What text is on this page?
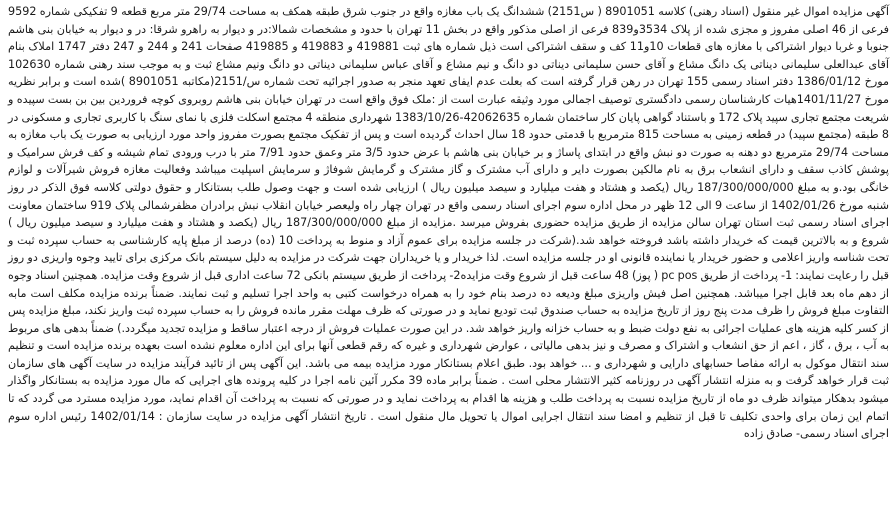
آگهی مزایده اموال غیر منقول (اسناد رهنی) کلاسه 8901051 ( س2151) ششدانگ یک باب مغازه واقع در جنوب شرق طبقه همکف به مساحت 29/74 متر مربع قطعه 9 تفکیکی شماره 9592 فرعی از 46 اصلی مفروز و مجزی شده از پلاک 3534و839 فرعی از اصلی مذکور واقع در بخش 11 تهران با حدود و مشخصات شمالا:در و دیوار به راهرو شرقا: در و دیوار به خیابان بنی هاشم جنوبا و غربا دیوار اشتراکی با مغازه های قطعات 10و11 کف و سقف اشتراکی است ذیل شماره های ثبت 419881 و 419883 و 419885 صفحات 241 و 244 و 247 دفتر 1747 املاک بنام آقای عبدالعلی سلیمانی دیناتی یک دانگ مشاع و آقای حسن سلیمانی دیناتی دو دانگ و نیم مشاع و آقای عباس سلیمانی دیناتی دو دانگ ونیم مشاع ثبت و به موجب سند رهنی شماره 102630 مورخ 1386/01/12 دفتر اسناد رسمی 155 تهران در رهن قرار گرفته است که بعلت عدم ایفای تعهد منجر به صدور اجرائیه تحت شماره س/2151(مکاتبه 8901051 )شده است و برابر نظریه مورخ 1401/11/27هیات کارشناسان رسمی دادگستری توصیف اجمالی مورد وثیقه عبارت است از :ملک فوق واقع است در تهران خیابان بنی هاشم روبروی کوچه فروردین بین بن بست سپیده و شریعت مجتمع تجاری سپید پلاک 172 و باستناد گواهی پایان کار ساختمان شماره 42062635-1383/10/26 شهرداری منطقه 4 مجتمع اسکلت فلزی با نمای سنگ با کاربری تجاری و مسکونی در 8 طبقه (مجتمع سپید) در قطعه زمینی به مساحت 815 مترمربع با قدمتی حدود 18 سال احداث گردیده است و پس از تفکیک مجتمع بصورت مفروز واحد مورد ارزیابی به صورت یک باب مغازه به مساحت 29/74 مترمربع دو دهنه به صورت دو نبش واقع در ابتدای پاساژ و بر خیابان بنی هاشم با عرض حدود 3/5 متر وعمق حدود 7/91 متر با درب ورودی تمام شیشه و کف فرش سرامیک و پوشش کاذب سقف و دارای انشعاب برق به نام مالکین بصورت دایر و دارای آب مشترک و گاز مشترک و گرمایش شوفاژ و سرمایش اسپلیت میباشد وفعالیت مغازه فروش شیرآلات و لوازم خانگی بود.و به مبلغ 187/300/000/000 ریال (یکصد و هشتاد و هفت میلیارد و سیصد میلیون ریال ) ارزیابی شده است و جهت وصول طلب بستانکار و حقوق دولتی کلاسه فوق الذکر در روز شنبه مورخ 1402/01/26 از ساعت 9 الی 12 ظهر در محل اداره سوم اجرای اسناد رسمی واقع در تهران چهار راه ولیعصر خیابان انقلاب نبش برادران مظفرشمالی پلاک 919 ساختمان معاونت اجرای اسناد رسمی ثبت استان تهران سالن مزایده از طریق مزایده حضوری بفروش میرسد .مزایده از مبلغ 187/300/000/000 ریال (یکصد و هشتاد و هفت میلیارد و سیصد میلیون ریال ) شروع و به بالاترین قیمت که خریدار داشته باشد فروخته خواهد شد.(شرکت در جلسه مزایده برای عموم آزاد و منوط به پرداخت 10 (ده) درصد از مبلغ پایه کارشناسی به حساب سپرده ثبت و تحت شناسه واریز اعلامی و حضور خریدار یا نماینده قانونی او در جلسه مزایده است. لذا خریدار و یا خریداران جهت شرکت در مزایده به دلیل سیستم بانک مرکزی برای تایید وجوه واریزی دو روز قبل را رعایت نمایند: 1- پرداخت از طریق pc pos ( پوز) 48 ساعت قبل از شروع وقت مزایده2- پرداخت از طریق سیستم بانکی 72 ساعت اداری قبل از شروع وقت مزایده. همچنین اسناد وجوه از دهم ماه بعد قابل اجرا میباشد. همچنین اصل فیش واریزی مبلغ ودیعه ده درصد بنام خود را به همراه درخواست کتبی به واحد اجرا تسلیم و ثبت نمایند. ضمناً برنده مزایده مکلف است مابه التفاوت مبلغ فروش را ظرف مدت پنج روز از تاریخ مزایده به حساب صندوق ثبت تودیع نماید و در صورتی که ظرف مهلت مقرر مانده فروش را به حساب سپرده ثبت واریز نکند، مبلغ مزایده پس از کسر کلیه هزینه های عملیات اجرائی به نفع دولت ضبط و به حساب خزانه واریز خواهد شد. در این صورت عملیات فروش از درجه اعتبار ساقط و مزایده تجدید میگردد.) ضمناً بدهی های مربوط به آب ، برق ، گاز ، اعم از حق انشعاب و اشتراک و مصرف و نیز بدهی مالیاتی ، عوارض شهرداری و غیره که رقم قطعی آنها برای این اداره معلوم نشده است بعهده برنده مزایده است و تنظیم سند انتقال موکول به ارائه مفاصا حسابهای دارایی و شهرداری و ... خواهد بود. طبق اعلام بستانکار مورد مزایده بیمه می باشد. این آگهی پس از تائید فرآیند مزایده در سایت آگهی های سازمان ثبت قرار خواهد گرفت و به منزله انتشار آگهی در روزنامه کثیر الانتشار محلی است . ضمناً برابر ماده 39 مکرر آئین نامه اجرا در کلیه پرونده های اجرایی که مال مورد مزایده به بستانکار واگذار میشود بدهکار میتواند ظرف دو ماه از تاریخ مزایده نسبت به پرداخت طلب و هزینه ها اقدام به پرداخت نماید و در صورتی که نسبت به پرداخت آن اقدام نماید، مورد مزایده مسترد می گردد که تا اتمام این زمان برای واحدی تکلیف تا قبل از تنظیم و امضا سند انتقال اجرایی اموال یا تحویل مال منقول است . تاریخ انتشار آگهی مزایده در سایت سازمان : 1402/01/14 رئیس اداره سوم اجرای اسناد رسمی- صادق زاده
